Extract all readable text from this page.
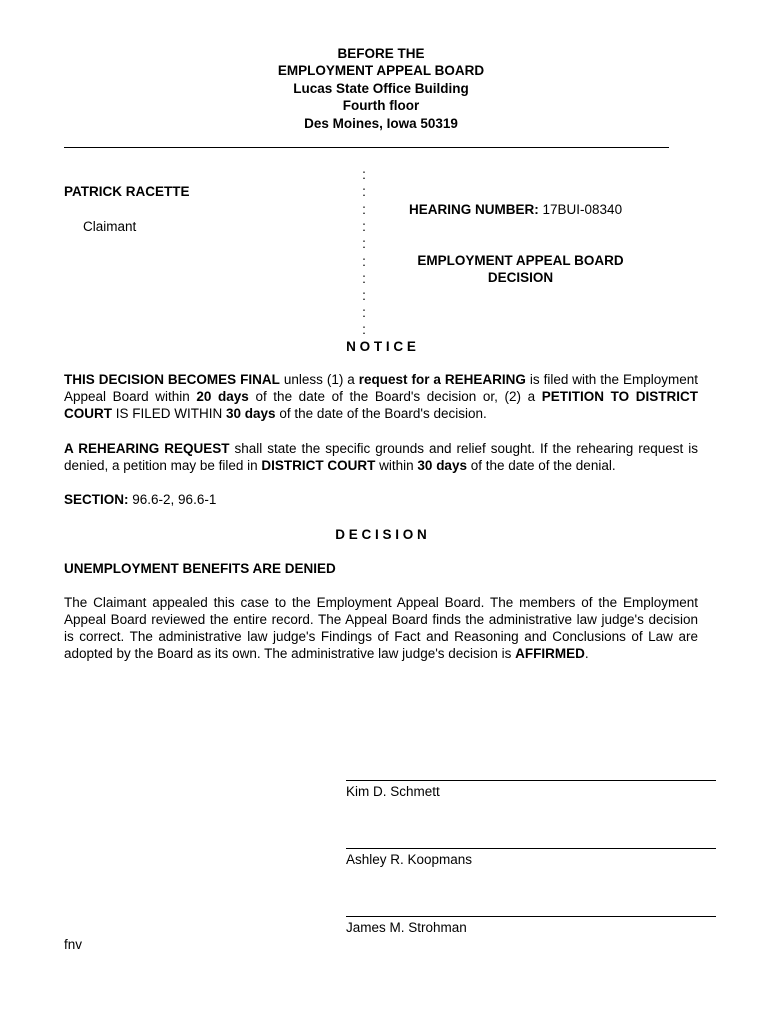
BEFORE THE
EMPLOYMENT APPEAL BOARD
Lucas State Office Building
Fourth floor
Des Moines, Iowa 50319
PATRICK RACETTE
Claimant
:
:
:
:
:
:
:
:
:
:
HEARING NUMBER: 17BUI-08340
EMPLOYMENT APPEAL BOARD
DECISION
N O T I C E
THIS DECISION BECOMES FINAL unless (1) a request for a REHEARING is filed with the Employment Appeal Board within 20 days of the date of the Board's decision or, (2) a PETITION TO DISTRICT COURT IS FILED WITHIN 30 days of the date of the Board's decision.
A REHEARING REQUEST shall state the specific grounds and relief sought. If the rehearing request is denied, a petition may be filed in DISTRICT COURT within 30 days of the date of the denial.
SECTION: 96.6-2, 96.6-1
D E C I S I O N
UNEMPLOYMENT BENEFITS ARE DENIED
The Claimant appealed this case to the Employment Appeal Board. The members of the Employment Appeal Board reviewed the entire record. The Appeal Board finds the administrative law judge's decision is correct. The administrative law judge's Findings of Fact and Reasoning and Conclusions of Law are adopted by the Board as its own. The administrative law judge's decision is AFFIRMED.
Kim D. Schmett
Ashley R. Koopmans
James M. Strohman
fnv
